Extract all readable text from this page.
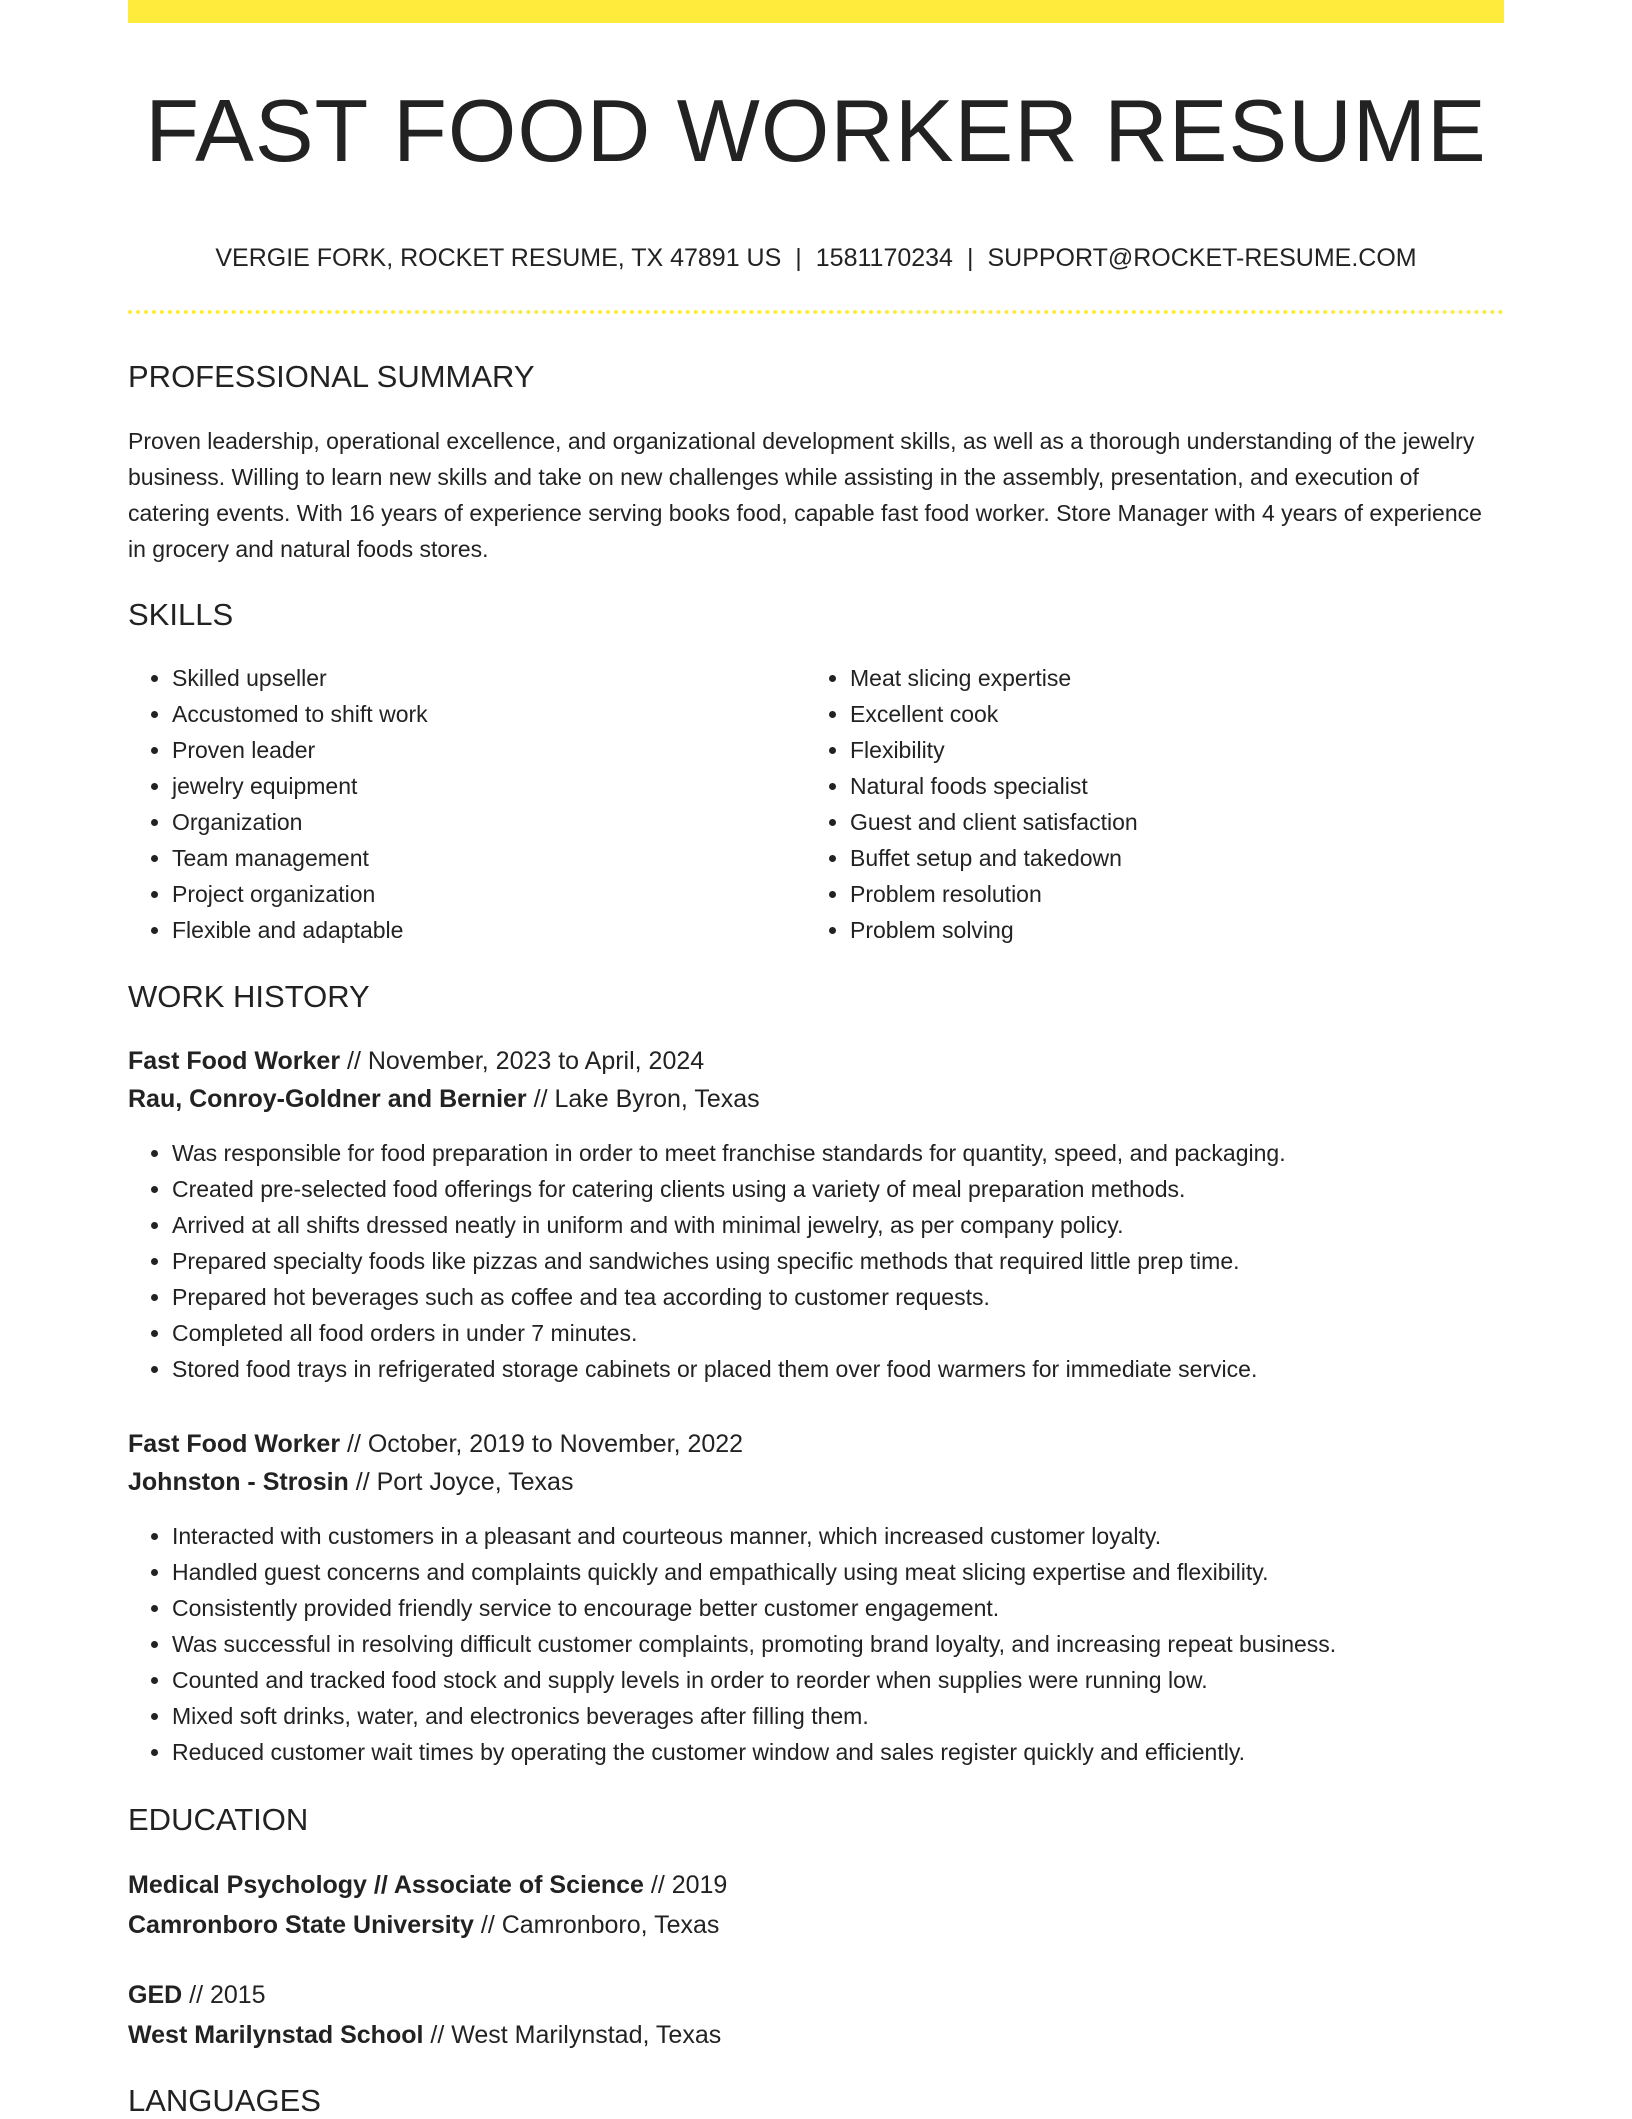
FAST FOOD WORKER RESUME
VERGIE FORK, ROCKET RESUME, TX 47891 US | 1581170234 | SUPPORT@ROCKET-RESUME.COM
PROFESSIONAL SUMMARY

Proven leadership, operational excellence, and organizational development skills, as well as a thorough understanding of the jewelry business. Willing to learn new skills and take on new challenges while assisting in the assembly, presentation, and execution of catering events. With 16 years of experience serving books food, capable fast food worker. Store Manager with 4 years of experience in grocery and natural foods stores.

SKILLS
• Skilled upseller
• Accustomed to shift work
• Proven leader
• jewelry equipment
• Organization
• Team management
• Project organization
• Flexible and adaptable
• Meat slicing expertise
• Excellent cook
• Flexibility
• Natural foods specialist
• Guest and client satisfaction
• Buffet setup and takedown
• Problem resolution
• Problem solving
WORK HISTORY
Fast Food Worker // November, 2023 to April, 2024
Rau, Conroy-Goldner and Bernier // Lake Byron, Texas
• Was responsible for food preparation in order to meet franchise standards for quantity, speed, and packaging.
• Created pre-selected food offerings for catering clients using a variety of meal preparation methods.
• Arrived at all shifts dressed neatly in uniform and with minimal jewelry, as per company policy.
• Prepared specialty foods like pizzas and sandwiches using specific methods that required little prep time.
• Prepared hot beverages such as coffee and tea according to customer requests.
• Completed all food orders in under 7 minutes.
• Stored food trays in refrigerated storage cabinets or placed them over food warmers for immediate service.
Fast Food Worker // October, 2019 to November, 2022
Johnston - Strosin // Port Joyce, Texas
• Interacted with customers in a pleasant and courteous manner, which increased customer loyalty.
• Handled guest concerns and complaints quickly and empathically using meat slicing expertise and flexibility.
• Consistently provided friendly service to encourage better customer engagement.
• Was successful in resolving difficult customer complaints, promoting brand loyalty, and increasing repeat business.
• Counted and tracked food stock and supply levels in order to reorder when supplies were running low.
• Mixed soft drinks, water, and electronics beverages after filling them.
• Reduced customer wait times by operating the customer window and sales register quickly and efficiently.
EDUCATION
Medical Psychology // Associate of Science // 2019
Camronboro State University // Camronboro, Texas
GED // 2015
West Marilynstad School // West Marilynstad, Texas
LANGUAGES
